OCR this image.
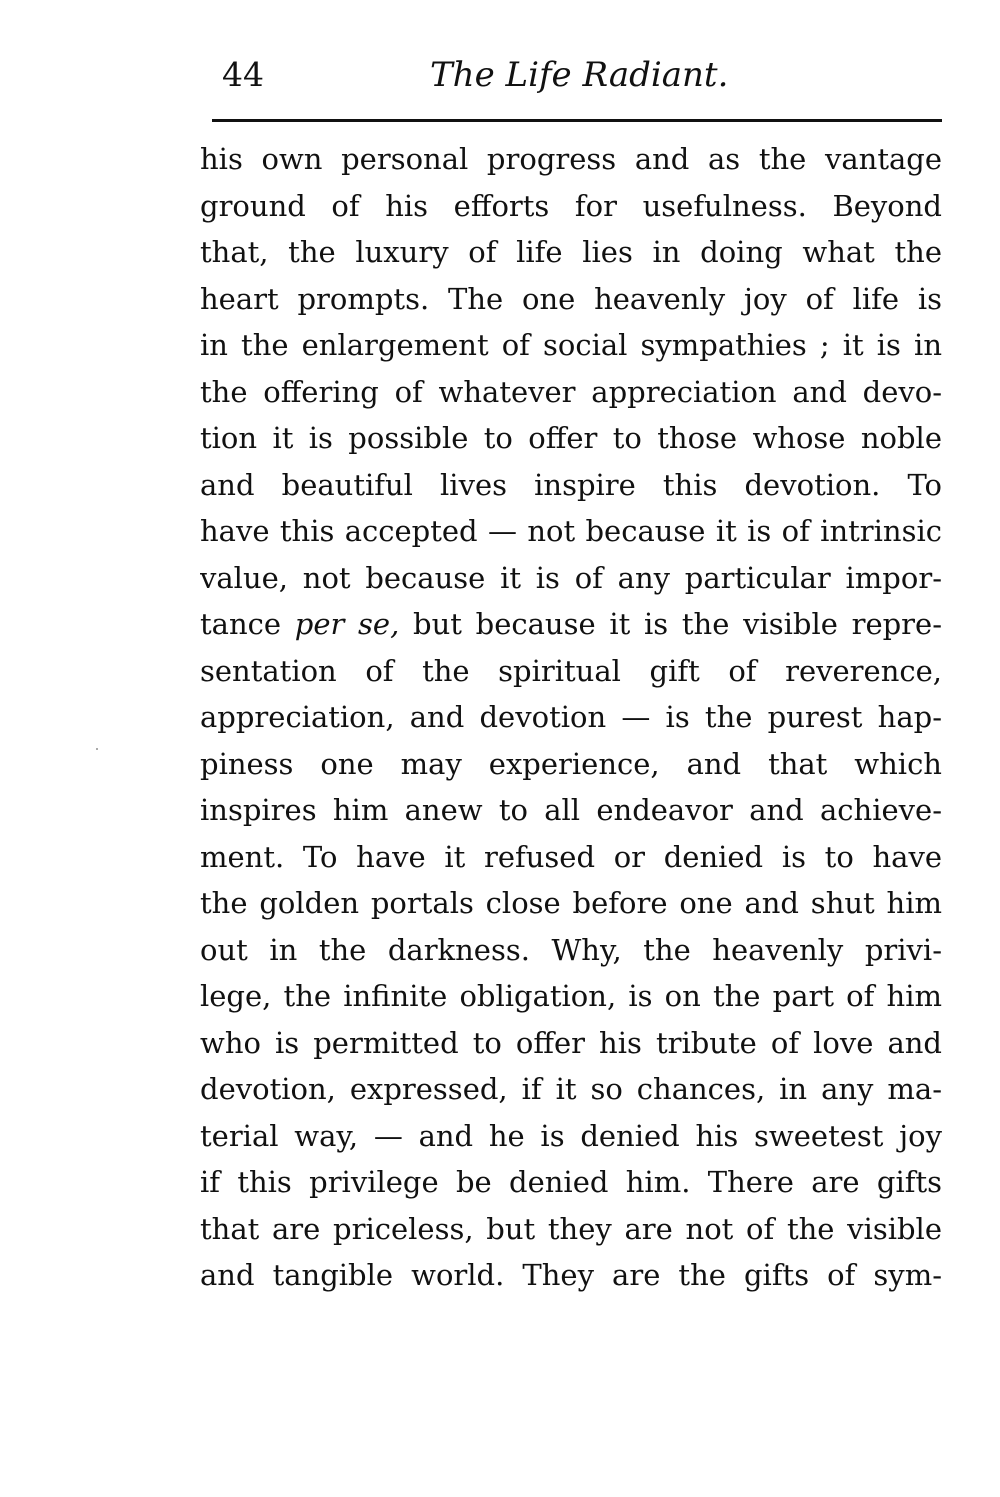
44	The Life Radiant.
his own personal progress and as the vantage
ground of his efforts for usefulness. Beyond
that, the luxury of life lies in doing what the
heart prompts. The one heavenly joy of life is
in the enlargement of social sympathies ; it is in
the offering of whatever appreciation and devo-
tion it is possible to offer to those whose noble
and beautiful lives inspire this devotion. To
have this accepted — not because it is of intrinsic
value, not because it is of any particular impor-
tance per se, but because it is the visible repre-
sentation of the spiritual gift of reverence,
appreciation, and devotion — is the purest hap-
piness one may experience, and that which
inspires him anew to all endeavor and achieve-
ment. To have it refused or denied is to have
the golden portals close before one and shut him
out in the darkness. Why, the heavenly privi-
lege, the infinite obligation, is on the part of him
who is permitted to offer his tribute of love and
devotion, expressed, if it so chances, in any ma-
terial way, — and he is denied his sweetest joy
if this privilege be denied him. There are gifts
that are priceless, but they are not of the visible
and tangible world. They are the gifts of sym-
